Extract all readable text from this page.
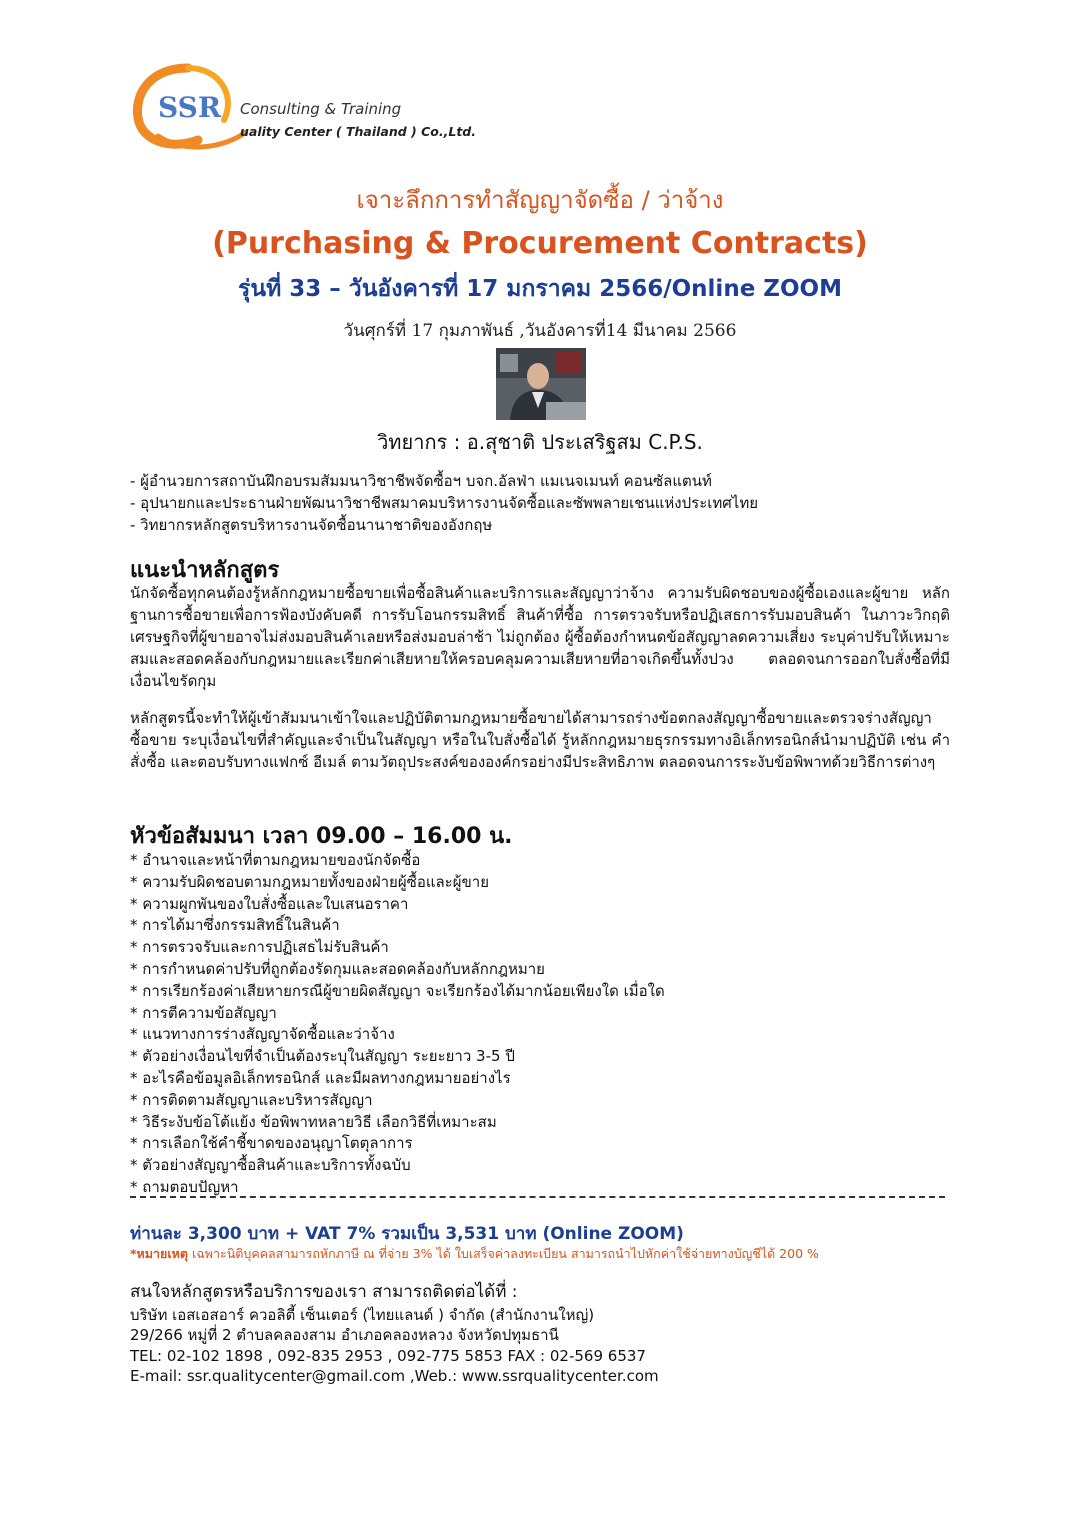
SSR Consulting & Training
uality Center ( Thailand ) Co.,Ltd.
เจาะลึกการทำสัญญาจัดซื้อ / ว่าจ้าง
(Purchasing & Procurement Contracts)
รุ่นที่ 33 – วันอังคารที่ 17 มกราคม 2566/Online ZOOM
วันศุกร์ที่ 17 กุมภาพันธ์ ,วันอังคารที่14 มีนาคม 2566
วิทยากร : อ.สุชาติ ประเสริฐสม C.P.S.
- ผู้อำนวยการสถาบันฝึกอบรมสัมมนาวิชาชีพจัดซื้อฯ บจก.อัลฟ่า แมเนจเมนท์ คอนซัลแตนท์
- อุปนายกและประธานฝ่ายพัฒนาวิชาชีพสมาคมบริหารงานจัดซื้อและซัพพลายเชนแห่งประเทศไทย
- วิทยากรหลักสูตรบริหารงานจัดซื้อนานาชาติของอังกฤษ
แนะนำหลักสูตร
นักจัดซื้อทุกคนต้องรู้หลักกฎหมายซื้อขายเพื่อซื้อสินค้าและบริการและสัญญาว่าจ้าง ความรับผิดชอบของผู้ซื้อเองและผู้ขาย หลักฐานการซื้อขายเพื่อการฟ้องบังคับคดี การรับโอนกรรมสิทธิ์ สินค้าที่ซื้อ การตรวจรับหรือปฏิเสธการรับมอบสินค้า ในภาวะวิกฤติเศรษฐกิจที่ผู้ขายอาจไม่ส่งมอบสินค้าเลยหรือส่งมอบล่าช้า ไม่ถูกต้อง ผู้ซื้อต้องกำหนดข้อสัญญาลดความเสี่ยง ระบุค่าปรับให้เหมาะสมและสอดคล้องกับกฎหมายและเรียกค่าเสียหายให้ครอบคลุมความเสียหายที่อาจเกิดขึ้นทั้งปวง ตลอดจนการออกใบสั่งซื้อที่มีเงื่อนไขรัดกุม
หลักสูตรนี้จะทำให้ผู้เข้าสัมมนาเข้าใจและปฏิบัติตามกฎหมายซื้อขายได้สามารถร่างข้อตกลงสัญญาซื้อขายและตรวจร่างสัญญาซื้อขาย ระบุเงื่อนไขที่สำคัญและจำเป็นในสัญญา หรือในใบสั่งซื้อได้ รู้หลักกฎหมายธุรกรรมทางอิเล็กทรอนิกส์นำมาปฏิบัติ เช่น คำสั่งซื้อ และตอบรับทางแฟกซ์ อีเมล์ ตามวัตถุประสงค์ขององค์กรอย่างมีประสิทธิภาพ ตลอดจนการระงับข้อพิพาทด้วยวิธีการต่างๆ
หัวข้อสัมมนา เวลา 09.00 – 16.00 น.
* อำนาจและหน้าที่ตามกฎหมายของนักจัดซื้อ
* ความรับผิดชอบตามกฎหมายทั้งของฝ่ายผู้ซื้อและผู้ขาย
* ความผูกพันของใบสั่งซื้อและใบเสนอราคา
* การได้มาซึ่งกรรมสิทธิ์ในสินค้า
* การตรวจรับและการปฏิเสธไม่รับสินค้า
* การกำหนดค่าปรับที่ถูกต้องรัดกุมและสอดคล้องกับหลักกฎหมาย
* การเรียกร้องค่าเสียหายกรณีผู้ขายผิดสัญญา จะเรียกร้องได้มากน้อยเพียงใด เมื่อใด
* การตีความข้อสัญญา
* แนวทางการร่างสัญญาจัดซื้อและว่าจ้าง
* ตัวอย่างเงื่อนไขที่จำเป็นต้องระบุในสัญญา ระยะยาว 3-5 ปี
* อะไรคือข้อมูลอิเล็กทรอนิกส์ และมีผลทางกฎหมายอย่างไร
* การติดตามสัญญาและบริหารสัญญา
* วิธีระงับข้อโต้แย้ง ข้อพิพาทหลายวิธี เลือกวิธีที่เหมาะสม
* การเลือกใช้คำชี้ขาดของอนุญาโตตุลาการ
* ตัวอย่างสัญญาซื้อสินค้าและบริการทั้งฉบับ
* ถามตอบปัญหา
ท่านละ 3,300 บาท + VAT 7% รวมเป็น 3,531 บาท (Online ZOOM)
*หมายเหตุ เฉพาะนิติบุคคลสามารถหักภาษี ณ ที่จ่าย 3% ได้ ใบเสร็จค่าลงทะเบียน สามารถนำไปหักค่าใช้จ่ายทางบัญชีได้ 200 %
สนใจหลักสูตรหรือบริการของเรา สามารถติดต่อได้ที่ :
บริษัท เอสเอสอาร์ ควอลิตี้ เซ็นเตอร์ (ไทยแลนด์ ) จำกัด (สำนักงานใหญ่)
29/266 หมู่ที่ 2 ตำบลคลองสาม อำเภอคลองหลวง จังหวัดปทุมธานี
TEL: 02-102 1898 , 092-835 2953 , 092-775 5853 FAX : 02-569 6537
E-mail: ssr.qualitycenter@gmail.com ,Web.: www.ssrqualitycenter.com
